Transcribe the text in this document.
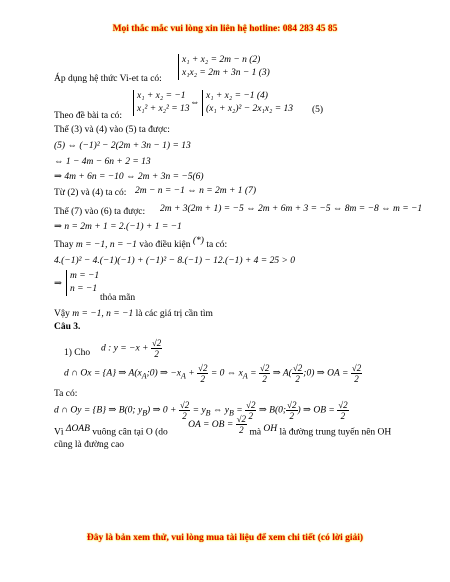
Mọi thắc mắc vui lòng xin liên hệ hotline: 084 283 45 85
Áp dụng hệ thức Vi-et ta có:
x₁ + x₂ = 2m − n (2)
x₁x₂ = 2m + 3n − 1 (3)
Theo đề bài ta có:
x₁ + x₂ = −1
x₁² + x₂² = 13
⇔
x₁ + x₂ = −1 (4)
(x₁ + x₂)² − 2x₁x₂ = 13 (5)
Thế (3) và (4) vào (5) ta được:
(5) ⇔ (−1)² − 2(2m + 3n − 1) = 13
⇔ 1 − 4m − 6n + 2 = 13
⇒ 4m + 6n = −10 ⇔ 2m + 3n = −5(6)
Từ (2) và (4) ta có: 2m − n = −1 ⇔ n = 2m + 1 (7)
Thế (7) vào (6) ta được: 2m + 3(2m + 1) = −5 ⇔ 2m + 6m + 3 = −5 ⇔ 8m = −8 ⇔ m = −1
⇒ n = 2m + 1 = 2.(−1) + 1 = −1
Thay m = −1, n = −1 vào điều kiện (*) ta có:
4.(−1)² − 4.(−1)(−1) + (−1)² − 8.(−1) − 12.(−1) + 4 = 25 > 0
⇒
m = −1
n = −1
thỏa mãn
Vậy m = −1, n = −1 là các giá trị cần tìm
Câu 3.
1) Cho d : $y = -x + \frac{√2}{2}$
d ∩ Ox = {A} ⇒ $A(x_A;0)$ ⇒ $-x_A + \frac{√2}{2} = 0$ ⇔ $x_A = \frac{√2}{2}$ ⇒ $A( \frac{√2}{2}$ ;0) ⇒ OA = $\frac{√2}{2}$
Ta có:
d ∩ Oy = {B} ⇒ B(0; $y_B$) ⇒ $0 + \frac{√2}{2} = y_B$ ⇔ $y_B = \frac{√2}{2}$ ⇒ B(0; $\frac{√2}{2}$ ) ⇒ OB = $\frac{√2}{2}$
Vì ΔOAB vuông cân tại O (do OA = OB = $\frac{√2}{2}$ mà OH là đường trung tuyến nên OH
cũng là đường cao
Đây là bản xem thử, vui lòng mua tài liệu để xem chi tiết (có lời giải)
